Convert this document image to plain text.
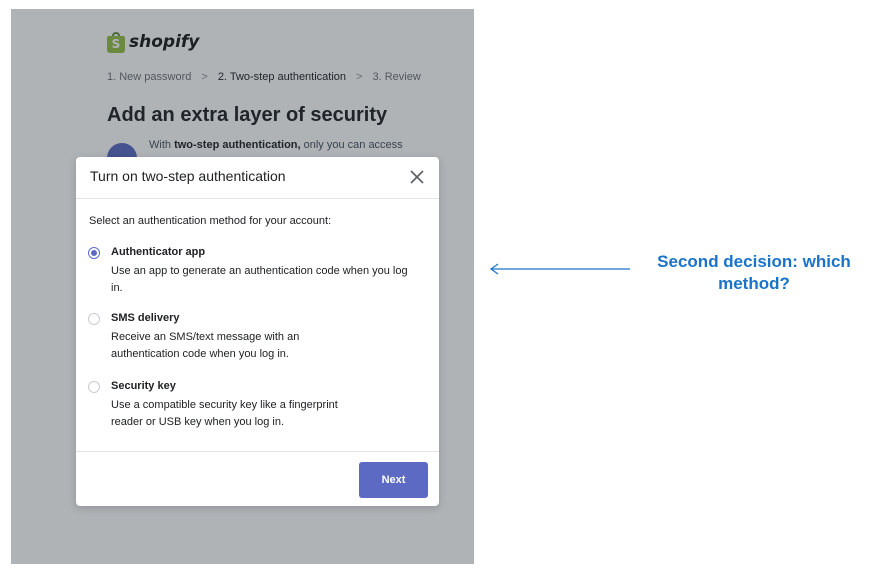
S shopify
1. New password > 2. Two-step authentication > 3. Review
Add an extra layer of security
With two-step authentication, only you can access
Turn on two-step authentication
Select an authentication method for your account:
Authenticator app
Use an app to generate an authentication code when you log in.
SMS delivery
Receive an SMS/text message with an authentication code when you log in.
Security key
Use a compatible security key like a fingerprint reader or USB key when you log in.
Next
Second decision: which
method?
